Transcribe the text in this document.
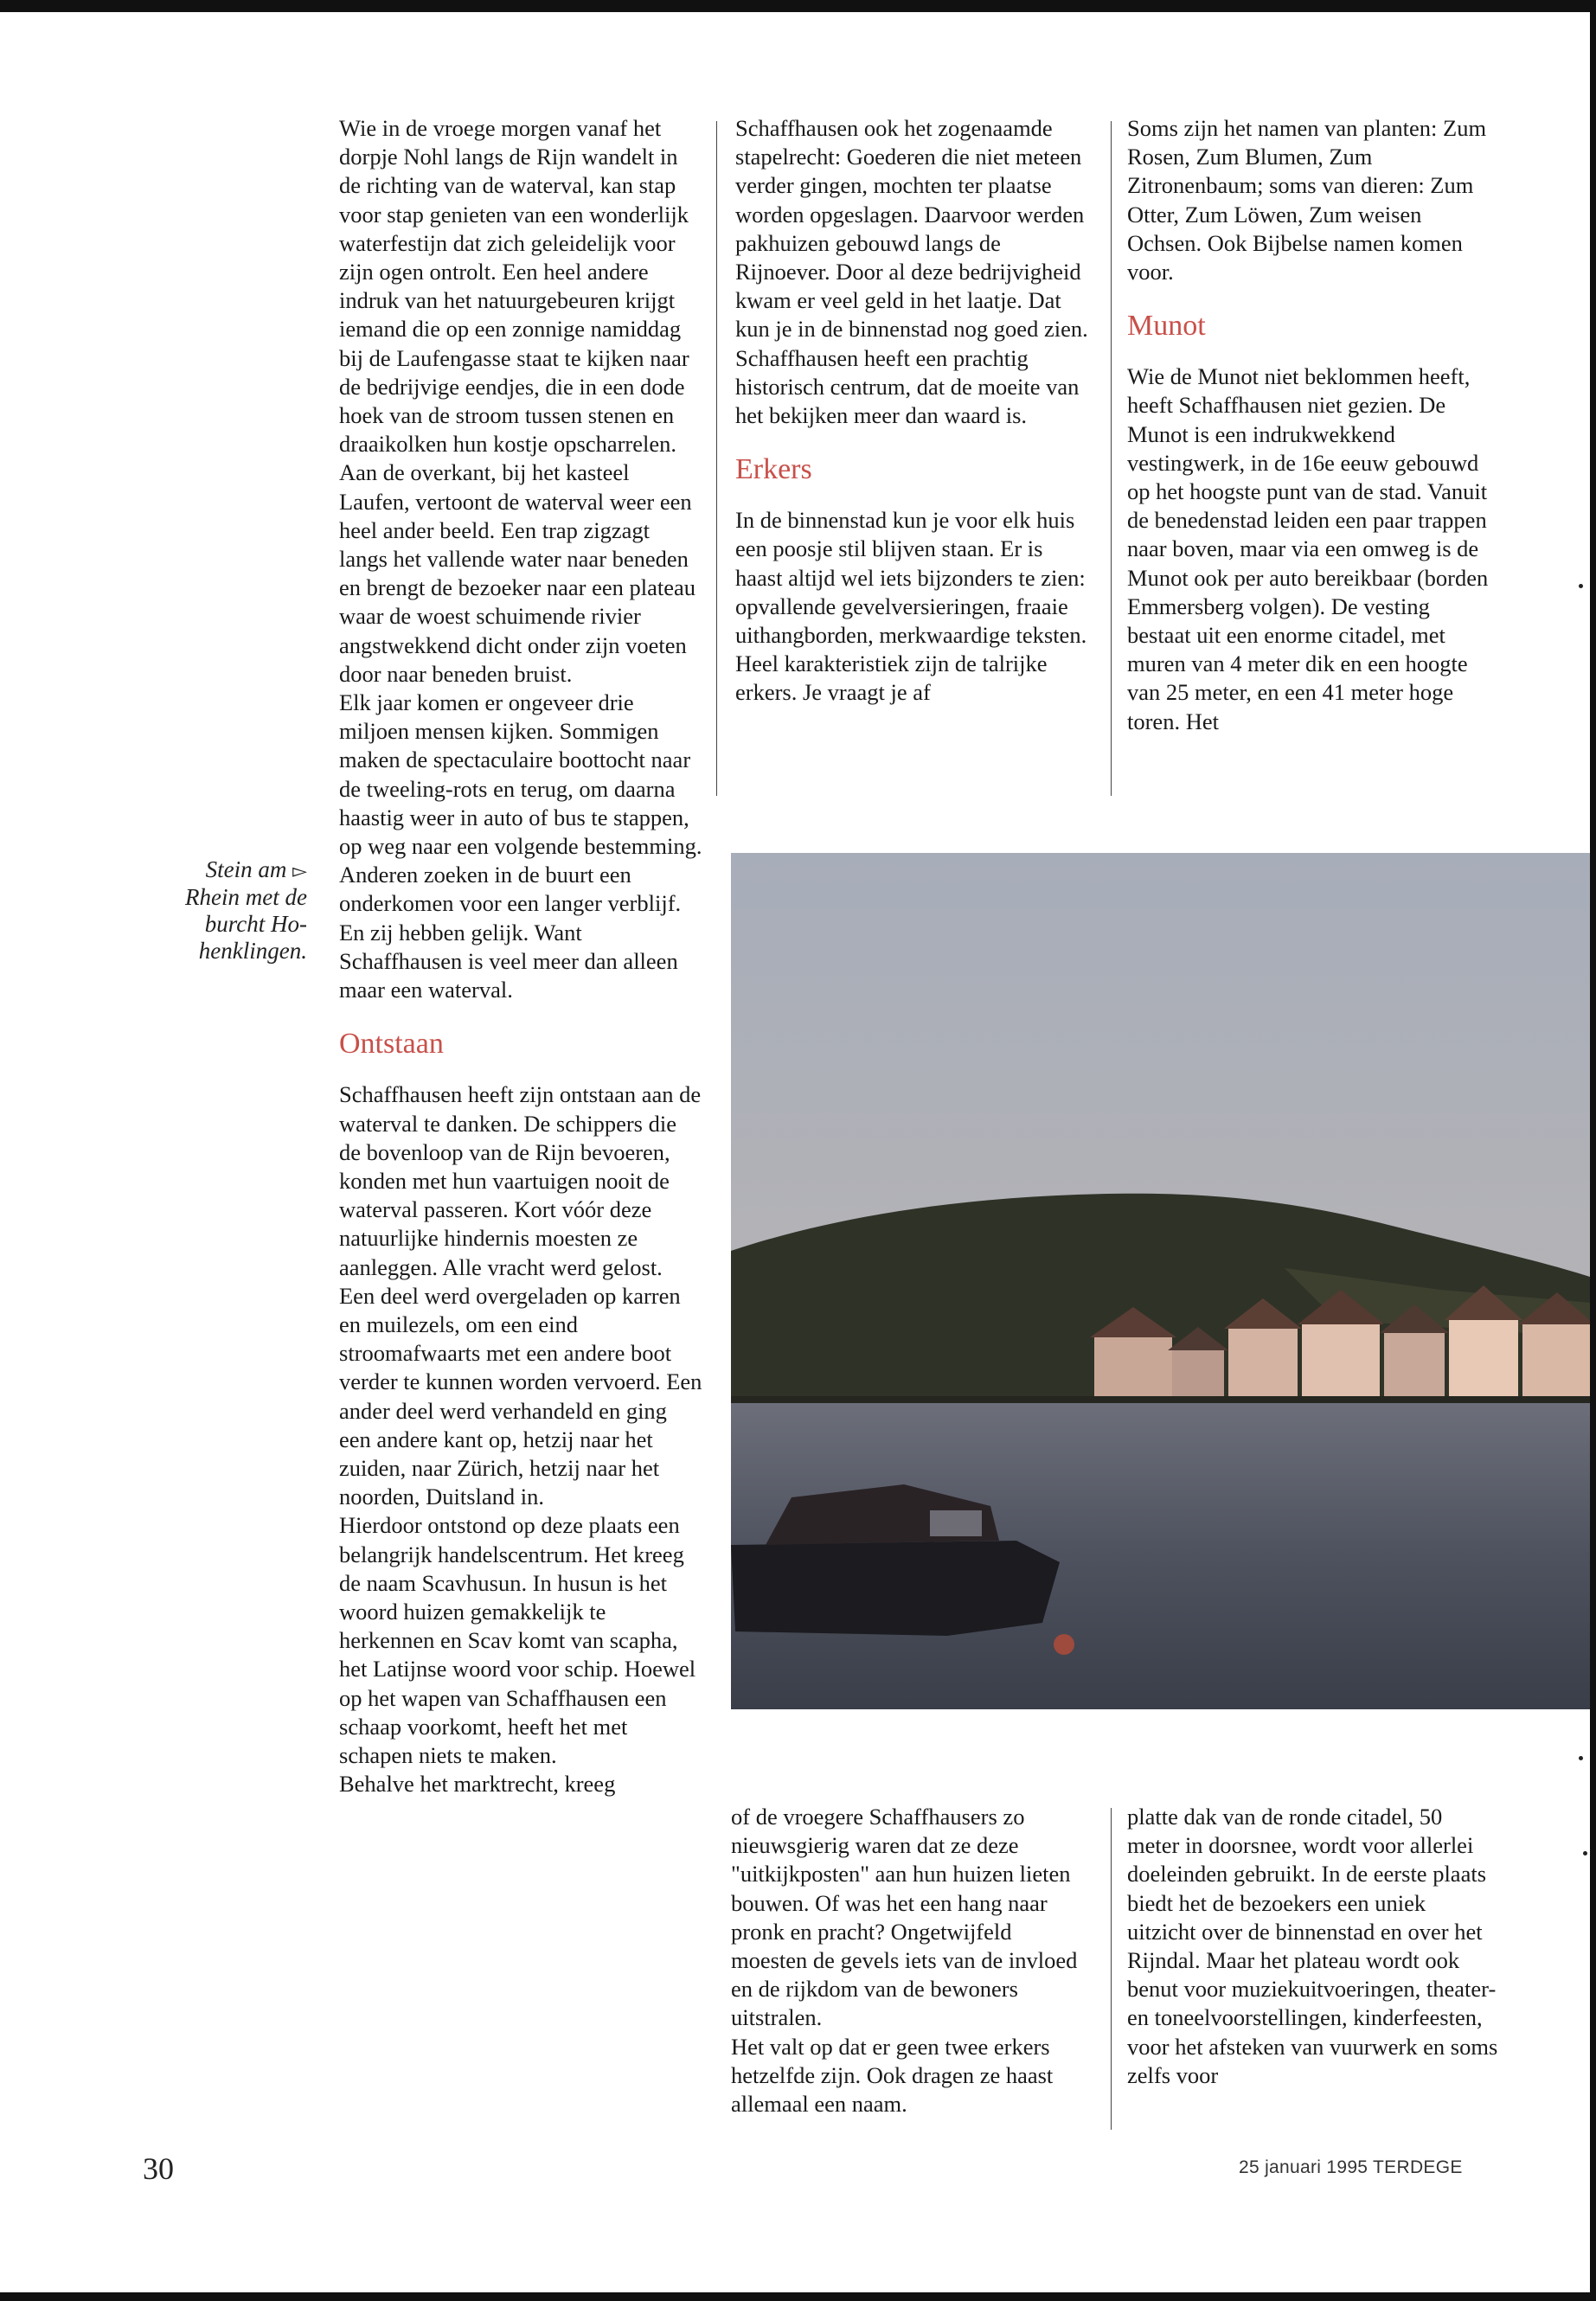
Wie in de vroege morgen vanaf het dorpje Nohl langs de Rijn wandelt in de richting van de waterval, kan stap voor stap genieten van een wonderlijk waterfestijn dat zich geleidelijk voor zijn ogen ontrolt. Een heel andere indruk van het natuurgebeuren krijgt iemand die op een zonnige namiddag bij de Laufengasse staat te kijken naar de bedrijvige eendjes, die in een dode hoek van de stroom tussen stenen en draaikolken hun kostje opscharrelen.

Aan de overkant, bij het kasteel Laufen, vertoont de waterval weer een heel ander beeld. Een trap zigzagt langs het vallende water naar beneden en brengt de bezoeker naar een plateau waar de woest schuimende rivier angstwekkend dicht onder zijn voeten door naar beneden bruist.

Elk jaar komen er ongeveer drie miljoen mensen kijken. Sommigen maken de spectaculaire boottocht naar de tweeling-rots en terug, om daarna haastig weer in auto of bus te stappen, op weg naar een volgende bestemming. Anderen zoeken in de buurt een onderkomen voor een langer verblijf. En zij hebben gelijk. Want Schaffhausen is veel meer dan alleen maar een waterval.

Ontstaan

Schaffhausen heeft zijn ontstaan aan de waterval te danken. De schippers die de bovenloop van de Rijn bevoeren, konden met hun vaartuigen nooit de waterval passeren. Kort vóór deze natuurlijke hindernis moesten ze aanleggen. Alle vracht werd gelost. Een deel werd overgeladen op karren en muilezels, om een eind stroomafwaarts met een andere boot verder te kunnen worden vervoerd. Een ander deel werd verhandeld en ging een andere kant op, hetzij naar het zuiden, naar Zürich, hetzij naar het noorden, Duitsland in.

Hierdoor ontstond op deze plaats een belangrijk handelscentrum. Het kreeg de naam Scavhusun. In husun is het woord huizen gemakkelijk te herkennen en Scav komt van scapha, het Latijnse woord voor schip. Hoewel op het wapen van Schaffhausen een schaap voorkomt, heeft het met schapen niets te maken.

Behalve het marktrecht, kreeg

Schaffhausen ook het zogenaamde stapelrecht: Goederen die niet meteen verder gingen, mochten ter plaatse worden opgeslagen. Daarvoor werden pakhuizen gebouwd langs de Rijnoever. Door al deze bedrijvigheid kwam er veel geld in het laatje. Dat kun je in de binnenstad nog goed zien. Schaffhausen heeft een prachtig historisch centrum, dat de moeite van het bekijken meer dan waard is.

Erkers

In de binnenstad kun je voor elk huis een poosje stil blijven staan. Er is haast altijd wel iets bijzonders te zien: opvallende gevelversieringen, fraaie uithangborden, merkwaardige teksten. Heel karakteristiek zijn de talrijke erkers. Je vraagt je af

Soms zijn het namen van planten: Zum Rosen, Zum Blumen, Zum Zitronenbaum; soms van dieren: Zum Otter, Zum Löwen, Zum weisen Ochsen. Ook Bijbelse namen komen voor.

Munot

Wie de Munot niet beklommen heeft, heeft Schaffhausen niet gezien. De Munot is een indrukwekkend vestingwerk, in de 16e eeuw gebouwd op het hoogste punt van de stad. Vanuit de benedenstad leiden een paar trappen naar boven, maar via een omweg is de Munot ook per auto bereikbaar (borden Emmersberg volgen). De vesting bestaat uit een enorme citadel, met muren van 4 meter dik en een hoogte van 25 meter, en een 41 meter hoge toren. Het

Stein am ▻
Rhein met de
burcht Ho-
henklingen.

of de vroegere Schaffhausers zo nieuwsgierig waren dat ze deze "uitkijkposten" aan hun huizen lieten bouwen. Of was het een hang naar pronk en pracht? Ongetwijfeld moesten de gevels iets van de invloed en de rijkdom van de bewoners uitstralen.

Het valt op dat er geen twee erkers hetzelfde zijn. Ook dragen ze haast allemaal een naam.

platte dak van de ronde citadel, 50 meter in doorsnee, wordt voor allerlei doeleinden gebruikt. In de eerste plaats biedt het de bezoekers een uniek uitzicht over de binnenstad en over het Rijndal. Maar het plateau wordt ook benut voor muziekuitvoeringen, theater- en toneelvoorstellingen, kinderfeesten, voor het afsteken van vuurwerk en soms zelfs voor

30	25 januari 1995 TERDEGE
